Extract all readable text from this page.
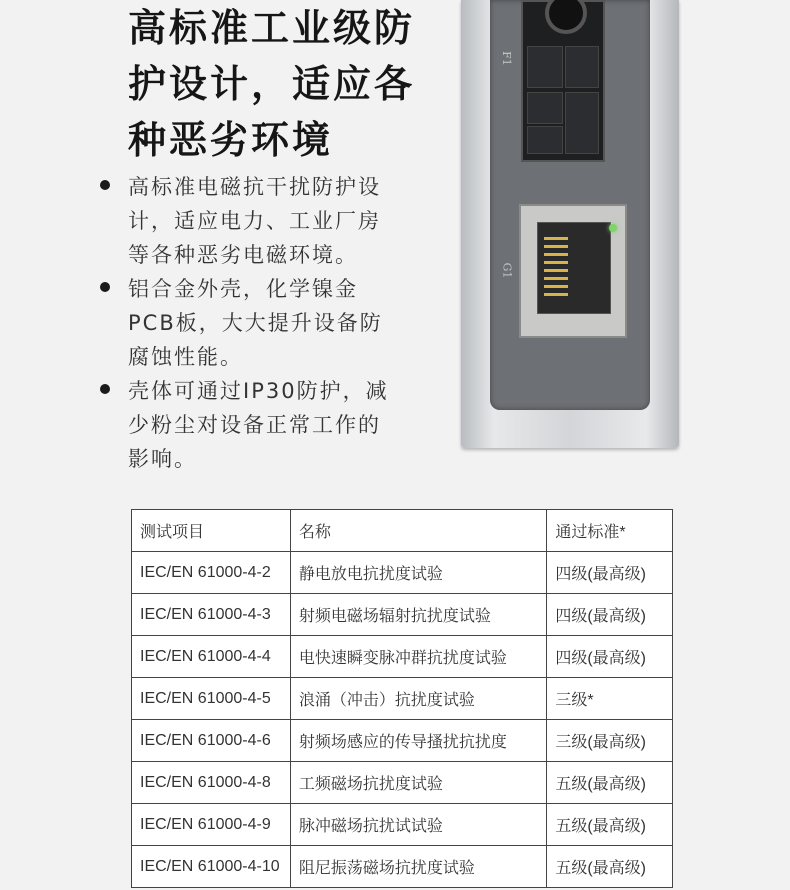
高标准工业级防
护设计，适应各
种恶劣环境
高标准电磁抗干扰防护设
计，适应电力、工业厂房
等各种恶劣电磁环境。
铝合金外壳，化学镍金
PCB板，大大提升设备防
腐蚀性能。
壳体可通过IP30防护，减
少粉尘对设备正常工作的
影响。
F1
G1
测试项目	名称	通过标准*
IEC/EN 61000-4-2	静电放电抗扰度试验	四级(最高级)
IEC/EN 61000-4-3	射频电磁场辐射抗扰度试验	四级(最高级)
IEC/EN 61000-4-4	电快速瞬变脉冲群抗扰度试验	四级(最高级)
IEC/EN 61000-4-5	浪涌（冲击）抗扰度试验	三级*
IEC/EN 61000-4-6	射频场感应的传导搔扰抗扰度	三级(最高级)
IEC/EN 61000-4-8	工频磁场抗扰度试验	五级(最高级)
IEC/EN 61000-4-9	脉冲磁场抗扰试试验	五级(最高级)
IEC/EN 61000-4-10	阻尼振荡磁场抗扰度试验	五级(最高级)
